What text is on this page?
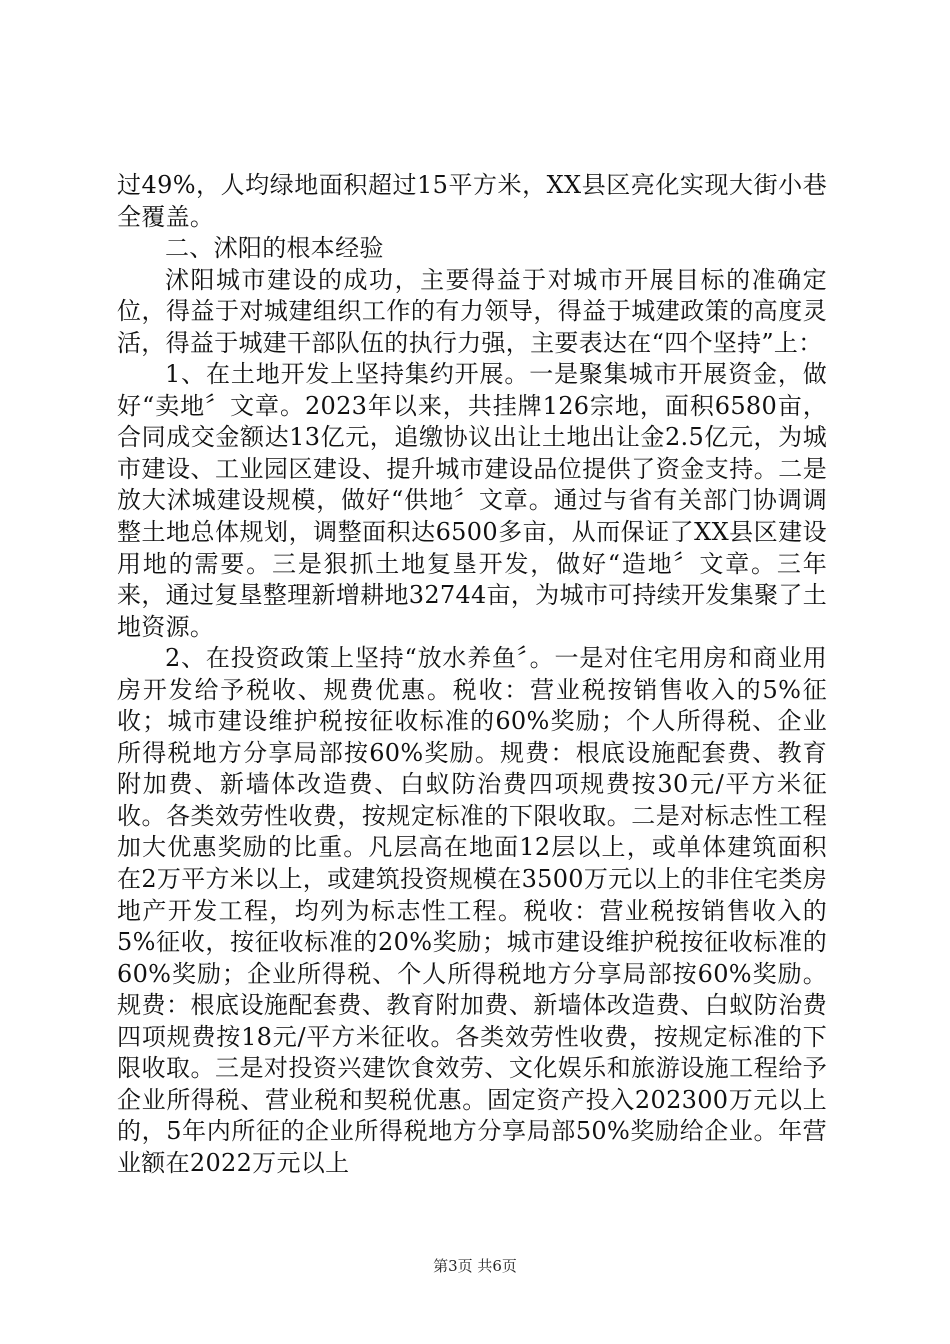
过49%，人均绿地面积超过15平方米，XX县区亮化实现大街小巷全覆盖。

二、沭阳的根本经验

沭阳城市建设的成功，主要得益于对城市开展目标的准确定位，得益于对城建组织工作的有力领导，得益于城建政策的高度灵活，得益于城建干部队伍的执行力强，主要表达在“四个坚持”上：

1、在土地开发上坚持集约开展。一是聚集城市开展资金，做好“卖地〞文章。2023年以来，共挂牌126宗地，面积6580亩，合同成交金额达13亿元，追缴协议出让土地出让金2.5亿元，为城市建设、工业园区建设、提升城市建设品位提供了资金支持。二是放大沭城建设规模，做好“供地〞文章。通过与省有关部门协调调整土地总体规划，调整面积达6500多亩，从而保证了XX县区建设用地的需要。三是狠抓土地复垦开发，做好“造地〞文章。三年来，通过复垦整理新增耕地32744亩，为城市可持续开发集聚了土地资源。

2、在投资政策上坚持“放水养鱼〞。一是对住宅用房和商业用房开发给予税收、规费优惠。税收：营业税按销售收入的5%征收；城市建设维护税按征收标准的60%奖励；个人所得税、企业所得税地方分享局部按60%奖励。规费：根底设施配套费、教育附加费、新墙体改造费、白蚁防治费四项规费按30元/平方米征收。各类效劳性收费，按规定标准的下限收取。二是对标志性工程加大优惠奖励的比重。凡层高在地面12层以上，或单体建筑面积在2万平方米以上，或建筑投资规模在3500万元以上的非住宅类房地产开发工程，均列为标志性工程。税收：营业税按销售收入的5%征收，按征收标准的20%奖励；城市建设维护税按征收标准的60%奖励；企业所得税、个人所得税地方分享局部按60%奖励。规费：根底设施配套费、教育附加费、新墙体改造费、白蚁防治费四项规费按18元/平方米征收。各类效劳性收费，按规定标准的下限收取。三是对投资兴建饮食效劳、文化娱乐和旅游设施工程给予企业所得税、营业税和契税优惠。固定资产投入202300万元以上的，5年内所征的企业所得税地方分享局部50%奖励给企业。年营业额在2022万元以上

第3页 共6页
